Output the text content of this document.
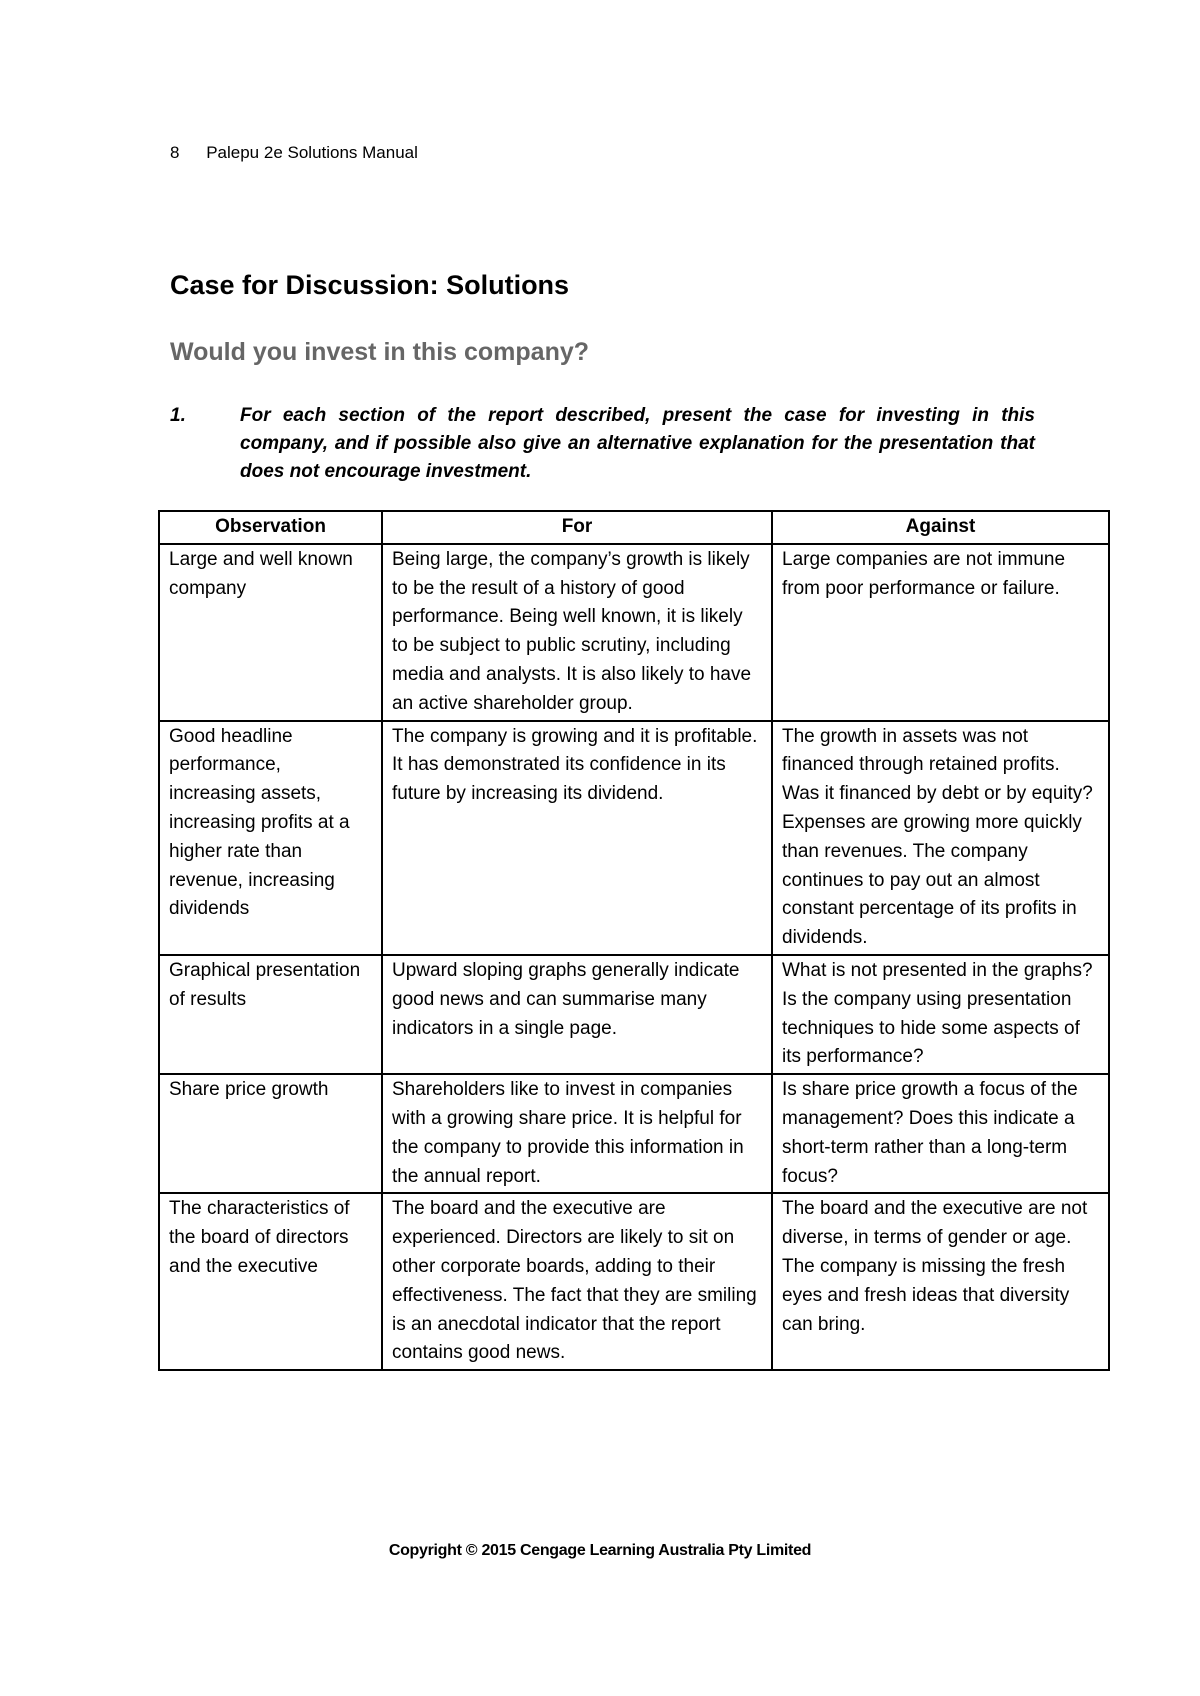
8 Palepu 2e Solutions Manual
Case for Discussion: Solutions
Would you invest in this company?
1.	For each section of the report described, present the case for investing in this company, and if possible also give an alternative explanation for the presentation that does not encourage investment.
Observation	For	Against
Large and well known company	Being large, the company’s growth is likely to be the result of a history of good performance. Being well known, it is likely to be subject to public scrutiny, including media and analysts. It is also likely to have an active shareholder group.	Large companies are not immune from poor performance or failure.
Good headline performance, increasing assets, increasing profits at a higher rate than revenue, increasing dividends	The company is growing and it is profitable. It has demonstrated its confidence in its future by increasing its dividend.	The growth in assets was not financed through retained profits. Was it financed by debt or by equity? Expenses are growing more quickly than revenues. The company continues to pay out an almost constant percentage of its profits in dividends.
Graphical presentation of results	Upward sloping graphs generally indicate good news and can summarise many indicators in a single page.	What is not presented in the graphs? Is the company using presentation techniques to hide some aspects of its performance?
Share price growth	Shareholders like to invest in companies with a growing share price. It is helpful for the company to provide this information in the annual report.	Is share price growth a focus of the management? Does this indicate a short-term rather than a long-term focus?
The characteristics of the board of directors and the executive	The board and the executive are experienced. Directors are likely to sit on other corporate boards, adding to their effectiveness. The fact that they are smiling is an anecdotal indicator that the report contains good news.	The board and the executive are not diverse, in terms of gender or age. The company is missing the fresh eyes and fresh ideas that diversity can bring.
Copyright © 2015 Cengage Learning Australia Pty Limited
